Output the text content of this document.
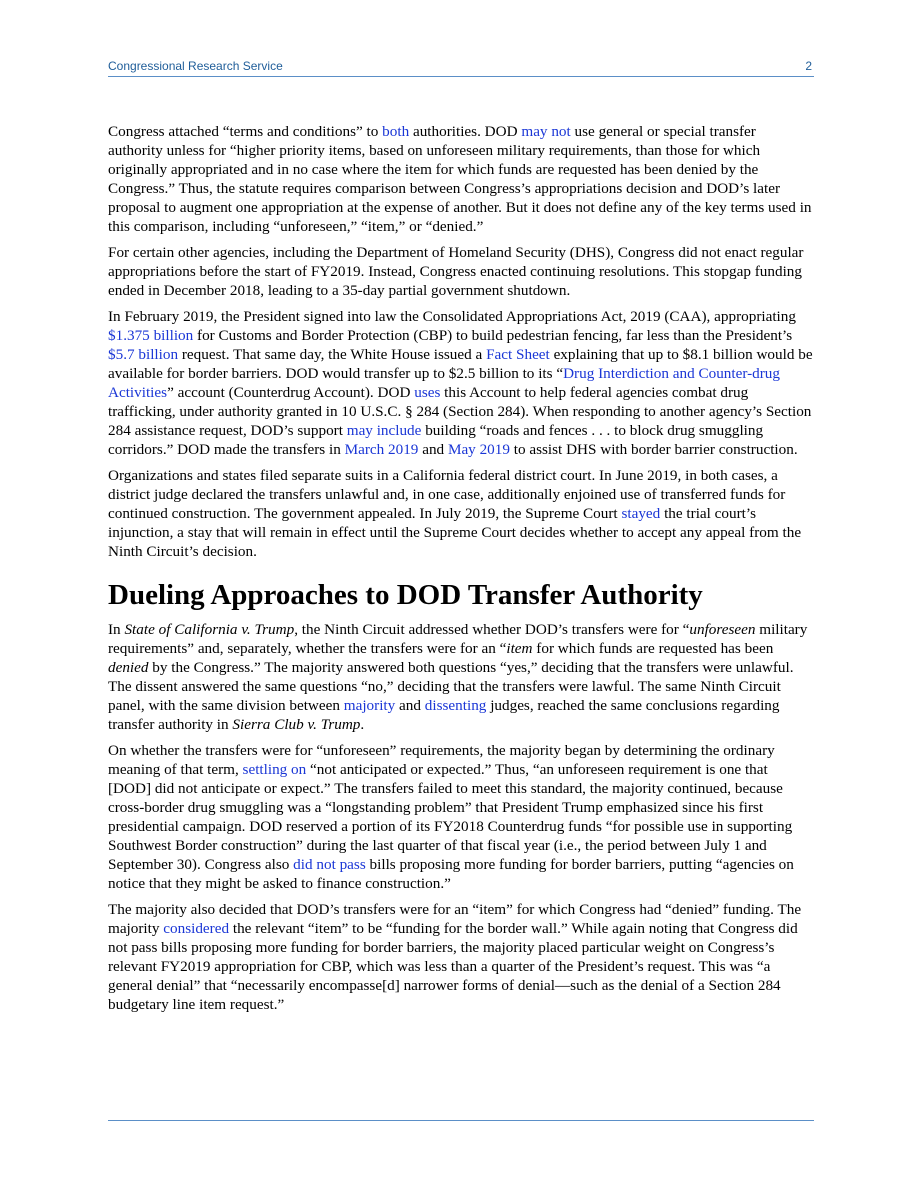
Congressional Research Service	2

Congress attached “terms and conditions” to both authorities. DOD may not use general or special transfer authority unless for “higher priority items, based on unforeseen military requirements, than those for which originally appropriated and in no case where the item for which funds are requested has been denied by the Congress.” Thus, the statute requires comparison between Congress’s appropriations decision and DOD’s later proposal to augment one appropriation at the expense of another. But it does not define any of the key terms used in this comparison, including “unforeseen,” “item,” or “denied.”

For certain other agencies, including the Department of Homeland Security (DHS), Congress did not enact regular appropriations before the start of FY2019. Instead, Congress enacted continuing resolutions. This stopgap funding ended in December 2018, leading to a 35-day partial government shutdown.

In February 2019, the President signed into law the Consolidated Appropriations Act, 2019 (CAA), appropriating $1.375 billion for Customs and Border Protection (CBP) to build pedestrian fencing, far less than the President’s $5.7 billion request. That same day, the White House issued a Fact Sheet explaining that up to $8.1 billion would be available for border barriers. DOD would transfer up to $2.5 billion to its “Drug Interdiction and Counter-drug Activities” account (Counterdrug Account). DOD uses this Account to help federal agencies combat drug trafficking, under authority granted in 10 U.S.C. § 284 (Section 284). When responding to another agency’s Section 284 assistance request, DOD’s support may include building “roads and fences . . . to block drug smuggling corridors.” DOD made the transfers in March 2019 and May 2019 to assist DHS with border barrier construction.

Organizations and states filed separate suits in a California federal district court. In June 2019, in both cases, a district judge declared the transfers unlawful and, in one case, additionally enjoined use of transferred funds for continued construction. The government appealed. In July 2019, the Supreme Court stayed the trial court’s injunction, a stay that will remain in effect until the Supreme Court decides whether to accept any appeal from the Ninth Circuit’s decision.

Dueling Approaches to DOD Transfer Authority

In State of California v. Trump, the Ninth Circuit addressed whether DOD’s transfers were for “unforeseen military requirements” and, separately, whether the transfers were for an “item for which funds are requested has been denied by the Congress.” The majority answered both questions “yes,” deciding that the transfers were unlawful. The dissent answered the same questions “no,” deciding that the transfers were lawful. The same Ninth Circuit panel, with the same division between majority and dissenting judges, reached the same conclusions regarding transfer authority in Sierra Club v. Trump.

On whether the transfers were for “unforeseen” requirements, the majority began by determining the ordinary meaning of that term, settling on “not anticipated or expected.” Thus, “an unforeseen requirement is one that [DOD] did not anticipate or expect.” The transfers failed to meet this standard, the majority continued, because cross-border drug smuggling was a “longstanding problem” that President Trump emphasized since his first presidential campaign. DOD reserved a portion of its FY2018 Counterdrug funds “for possible use in supporting Southwest Border construction” during the last quarter of that fiscal year (i.e., the period between July 1 and September 30). Congress also did not pass bills proposing more funding for border barriers, putting “agencies on notice that they might be asked to finance construction.”

The majority also decided that DOD’s transfers were for an “item” for which Congress had “denied” funding. The majority considered the relevant “item” to be “funding for the border wall.” While again noting that Congress did not pass bills proposing more funding for border barriers, the majority placed particular weight on Congress’s relevant FY2019 appropriation for CBP, which was less than a quarter of the President’s request. This was “a general denial” that “necessarily encompasse[d] narrower forms of denial—such as the denial of a Section 284 budgetary line item request.”
